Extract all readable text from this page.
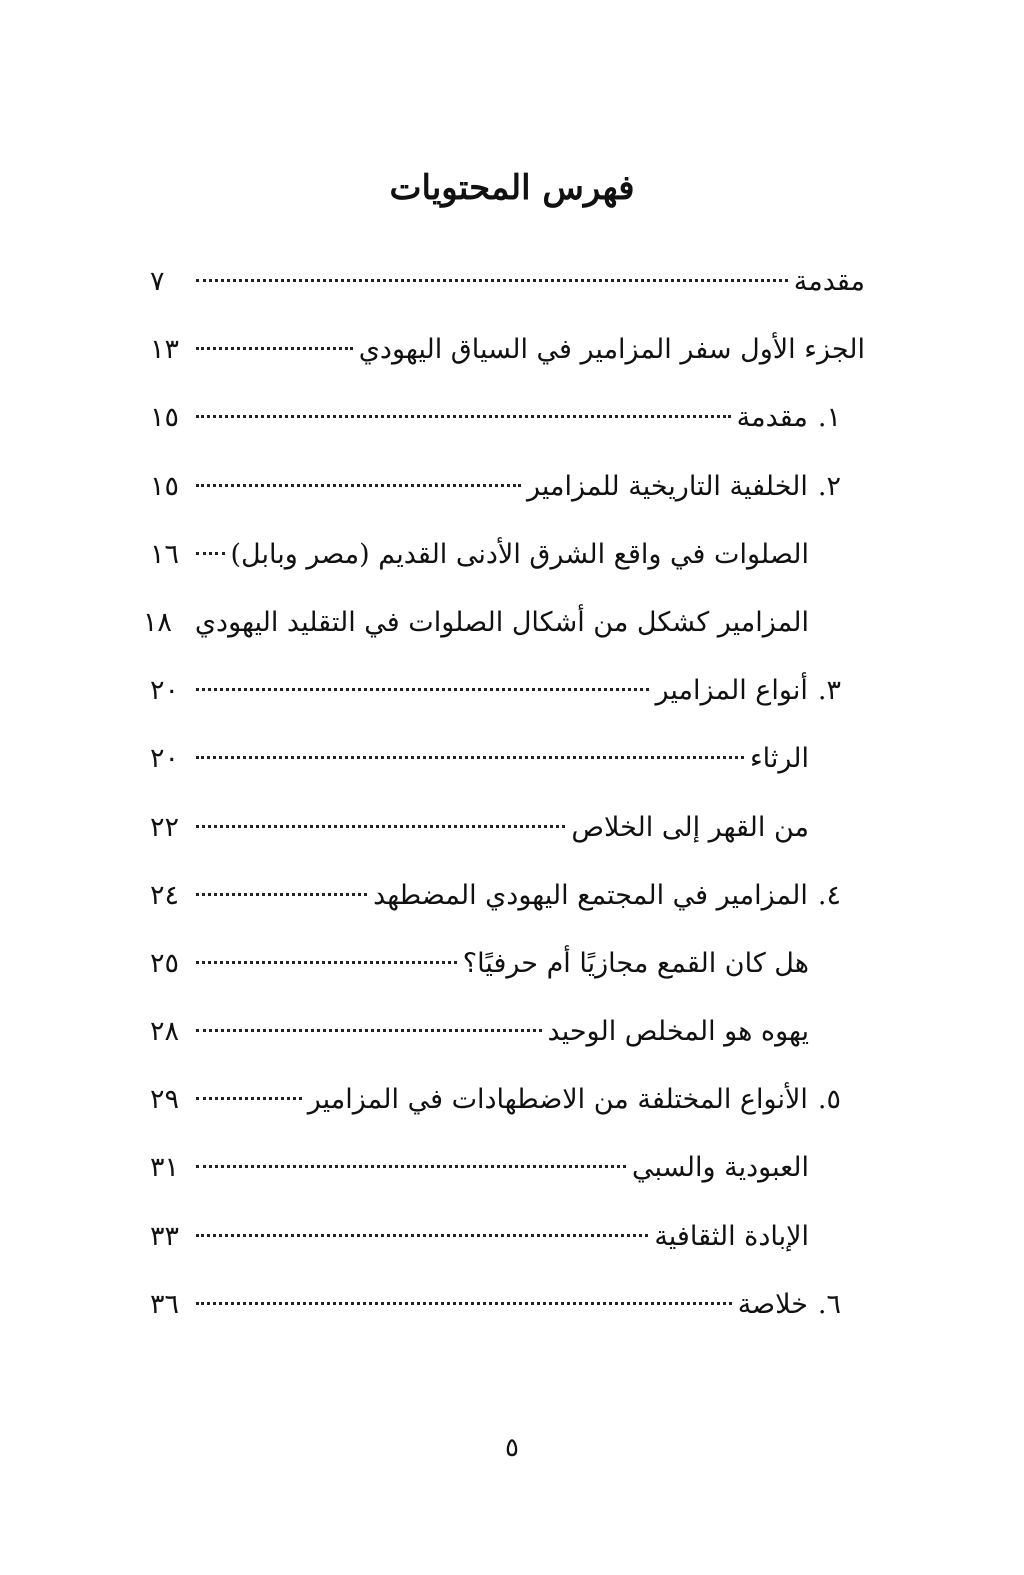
فهرس المحتويات
مقدمة
٧
الجزء الأول سفر المزامير في السياق اليهودي
١٣
١.
مقدمة
١٥
٢.
الخلفية التاريخية للمزامير
١٥
الصلوات في واقع الشرق الأدنى القديم (مصر وبابل)
١٦
المزامير كشكل من أشكال الصلوات في التقليد اليهودي
١٨
٣.
أنواع المزامير
٢٠
الرثاء
٢٠
من القهر إلى الخلاص
٢٢
٤.
المزامير في المجتمع اليهودي المضطهد
٢٤
هل كان القمع مجازيًا أم حرفيًا؟
٢٥
يهوه هو المخلص الوحيد
٢٨
٥.
الأنواع المختلفة من الاضطهادات في المزامير
٢٩
العبودية والسبي
٣١
الإبادة الثقافية
٣٣
٦.
خلاصة
٣٦
٥
